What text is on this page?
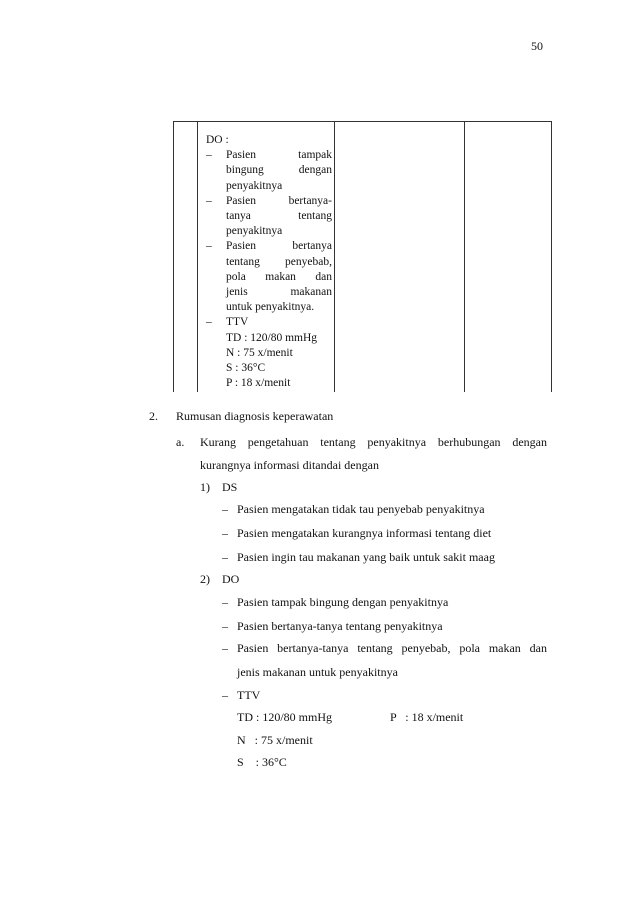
50
DO :
–	Pasien tampak
bingung dengan
penyakitnya
–	Pasien bertanya-
tanya tentang
penyakitnya
–	Pasien bertanya
tentang penyebab,
pola makan dan
jenis makanan
untuk penyakitnya.
–	TTV
TD : 120/80 mmHg
N : 75 x/menit
S : 36°C
P : 18 x/menit
2. Rumusan diagnosis keperawatan
a. Kurang pengetahuan tentang penyakitnya berhubungan dengan
kurangnya informasi ditandai dengan
1) DS
– Pasien mengatakan tidak tau penyebab penyakitnya
– Pasien mengatakan kurangnya informasi tentang diet
– Pasien ingin tau makanan yang baik untuk sakit maag
2) DO
– Pasien tampak bingung dengan penyakitnya
– Pasien bertanya-tanya tentang penyakitnya
– Pasien bertanya-tanya tentang penyebab, pola makan dan
jenis makanan untuk penyakitnya
– TTV
TD : 120/80 mmHg	P   : 18 x/menit
N   : 75 x/menit
S    : 36°C
